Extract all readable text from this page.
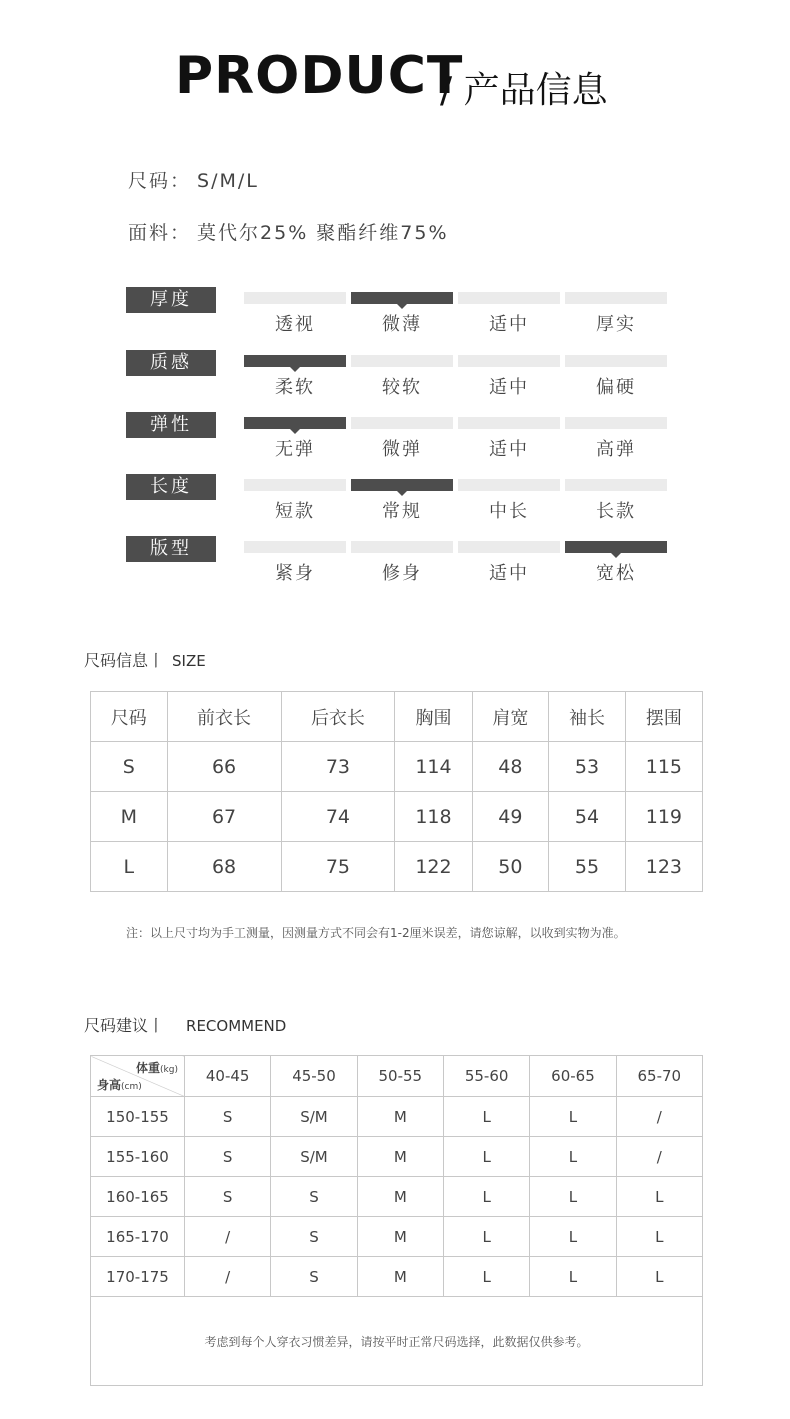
PRODUCT
/ 产品信息
尺码： S/M/L
面料： 莫代尔25% 聚酯纤维75%
厚度
透视	微薄	适中	厚实
质感
柔软	较软	适中	偏硬
弹性
无弹	微弹	适中	高弹
长度
短款	常规	中长	长款
版型
紧身	修身	适中	宽松
尺码信息丨 SIZE
尺码	前衣长	后衣长	胸围	肩宽	袖长	摆围
S	66	73	114	48	53	115
M	67	74	118	49	54	119
L	68	75	122	50	55	123
注：以上尺寸均为手工测量，因测量方式不同会有1-2厘米误差，请您谅解，以收到实物为准。
尺码建议丨 RECOMMEND
体重(kg)
身高(cm)	40-45	45-50	50-55	55-60	60-65	65-70
150-155	S	S/M	M	L	L	/
155-160	S	S/M	M	L	L	/
160-165	S	S	M	L	L	L
165-170	/	S	M	L	L	L
170-175	/	S	M	L	L	L
考虑到每个人穿衣习惯差异，请按平时正常尺码选择，此数据仅供参考。						
